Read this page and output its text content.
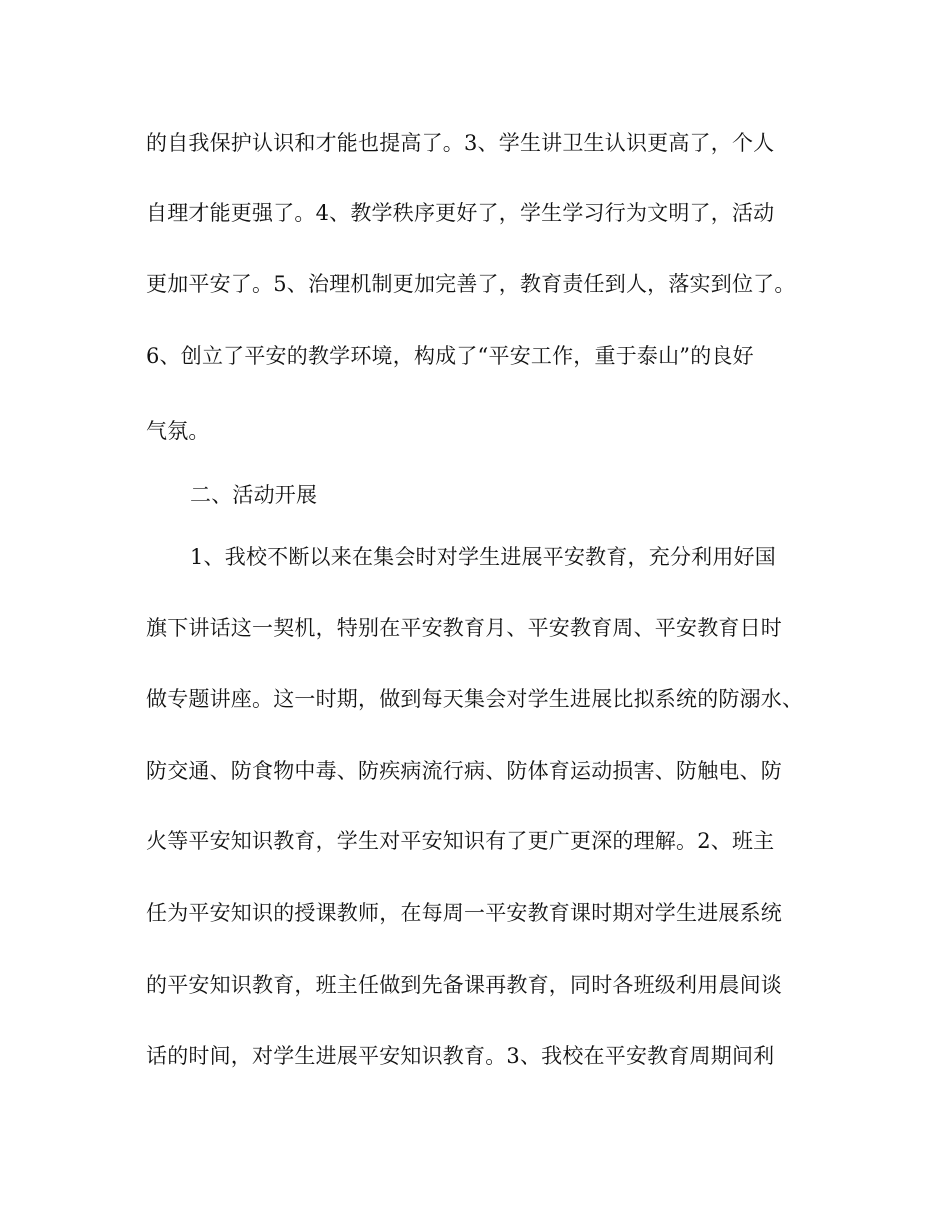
的自我保护认识和才能也提高了。3、学生讲卫生认识更高了，个人
自理才能更强了。4、教学秩序更好了，学生学习行为文明了，活动
更加平安了。5、治理机制更加完善了，教育责任到人，落实到位了。
6、创立了平安的教学环境，构成了“平安工作，重于泰山”的良好
气氛。
二、活动开展
1、我校不断以来在集会时对学生进展平安教育，充分利用好国
旗下讲话这一契机，特别在平安教育月、平安教育周、平安教育日时
做专题讲座。这一时期，做到每天集会对学生进展比拟系统的防溺水、
防交通、防食物中毒、防疾病流行病、防体育运动损害、防触电、防
火等平安知识教育，学生对平安知识有了更广更深的理解。2、班主
任为平安知识的授课教师，在每周一平安教育课时期对学生进展系统
的平安知识教育，班主任做到先备课再教育，同时各班级利用晨间谈
话的时间，对学生进展平安知识教育。3、我校在平安教育周期间利
